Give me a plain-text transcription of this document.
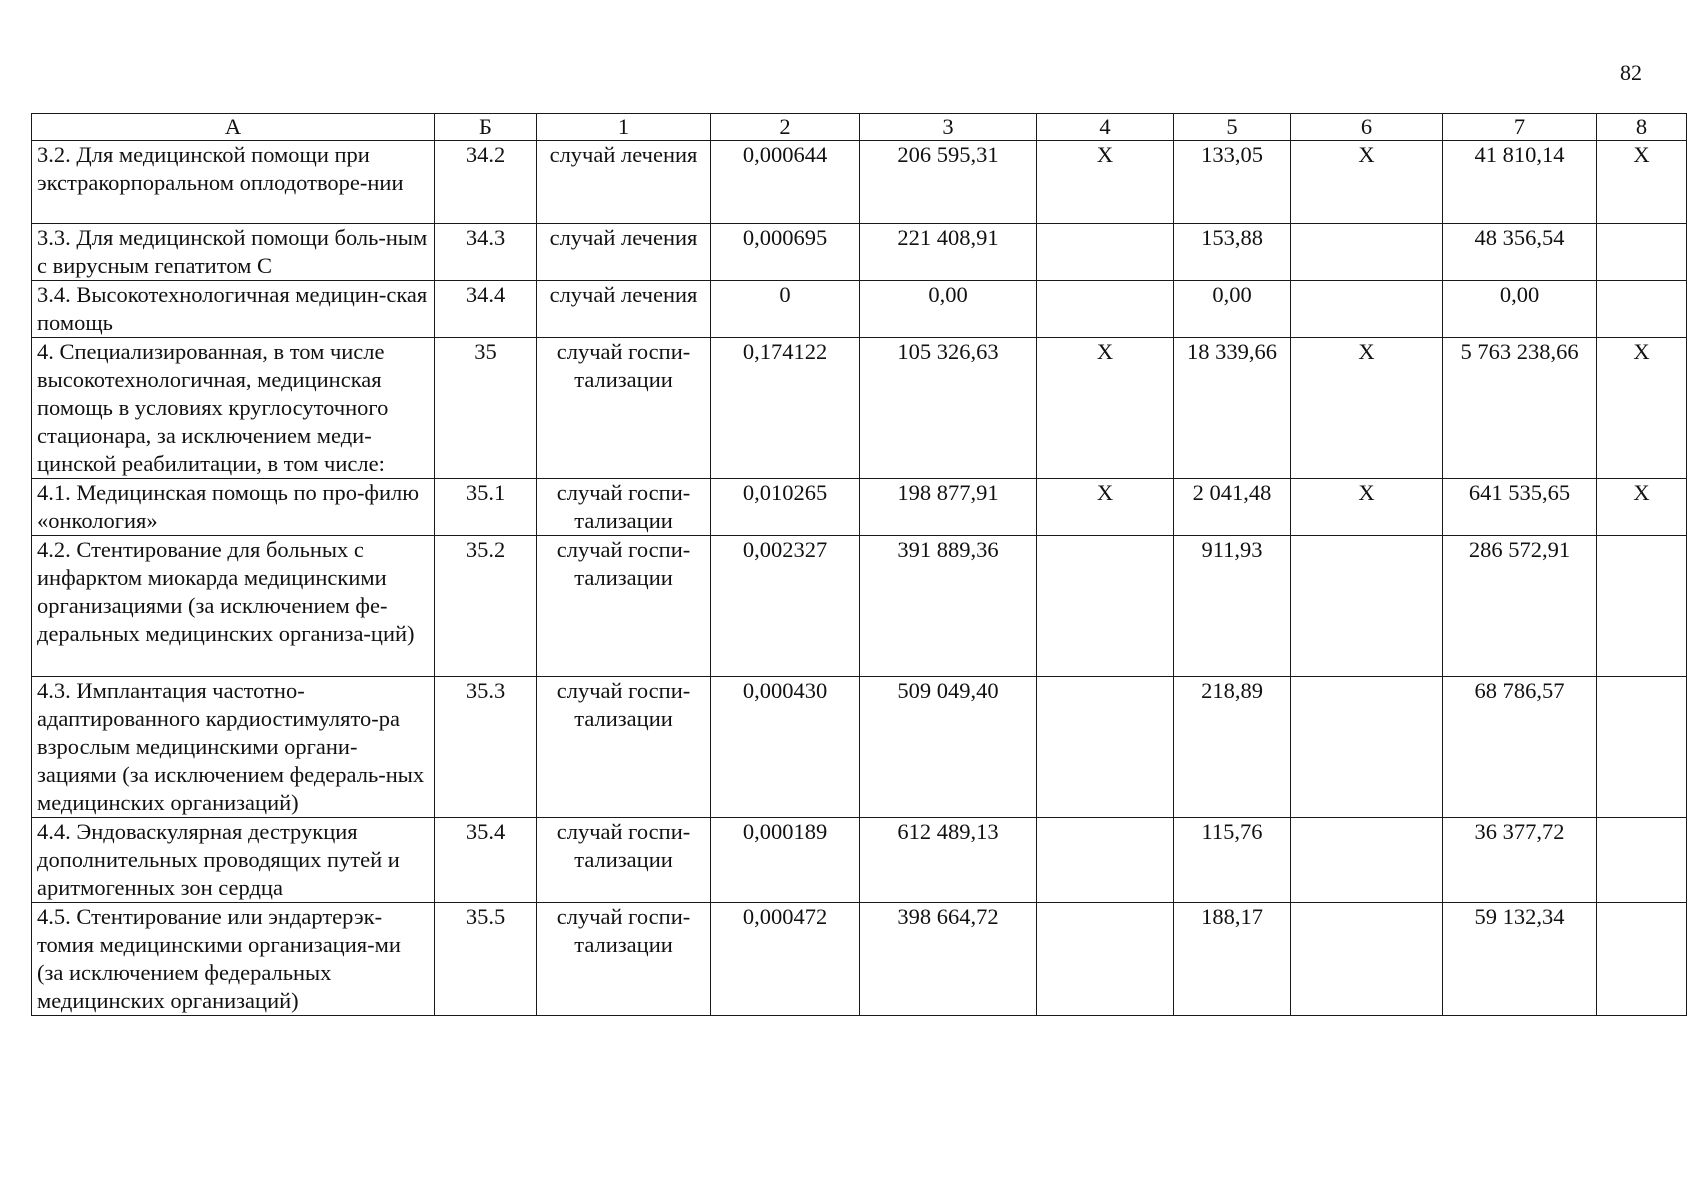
82
А	Б	1	2	3	4	5	6	7	8
3.2. Для медицинской помощи при экстракорпоральном оплодотворе-нии	34.2	случай лечения	0,000644	206 595,31	Х	133,05	Х	41 810,14	Х
3.3. Для медицинской помощи боль-ным с вирусным гепатитом С	34.3	случай лечения	0,000695	221 408,91		153,88		48 356,54	
3.4. Высокотехнологичная медицин-ская помощь	34.4	случай лечения	0	0,00		0,00		0,00	
4. Специализированная, в том числе высокотехнологичная, медицинская помощь в условиях круглосуточного стационара, за исключением меди-цинской реабилитации, в том числе:	35	случай госпи-тализации	0,174122	105 326,63	Х	18 339,66	Х	5 763 238,66	Х
4.1. Медицинская помощь по про-филю «онкология»	35.1	случай госпи-тализации	0,010265	198 877,91	Х	2 041,48	Х	641 535,65	Х
4.2. Стентирование для больных с инфарктом миокарда медицинскими организациями (за исключением фе-деральных медицинских организа-ций)	35.2	случай госпи-тализации	0,002327	391 889,36		911,93		286 572,91	
4.3. Имплантация частотно-адаптированного кардиостимулято-ра взрослым медицинскими органи-зациями (за исключением федераль-ных медицинских организаций)	35.3	случай госпи-тализации	0,000430	509 049,40		218,89		68 786,57	
4.4. Эндоваскулярная деструкция дополнительных проводящих путей и аритмогенных зон сердца	35.4	случай госпи-тализации	0,000189	612 489,13		115,76		36 377,72	
4.5. Стентирование или эндартерэк-томия медицинскими организация-ми (за исключением федеральных медицинских организаций)	35.5	случай госпи-тализации	0,000472	398 664,72		188,17		59 132,34	
